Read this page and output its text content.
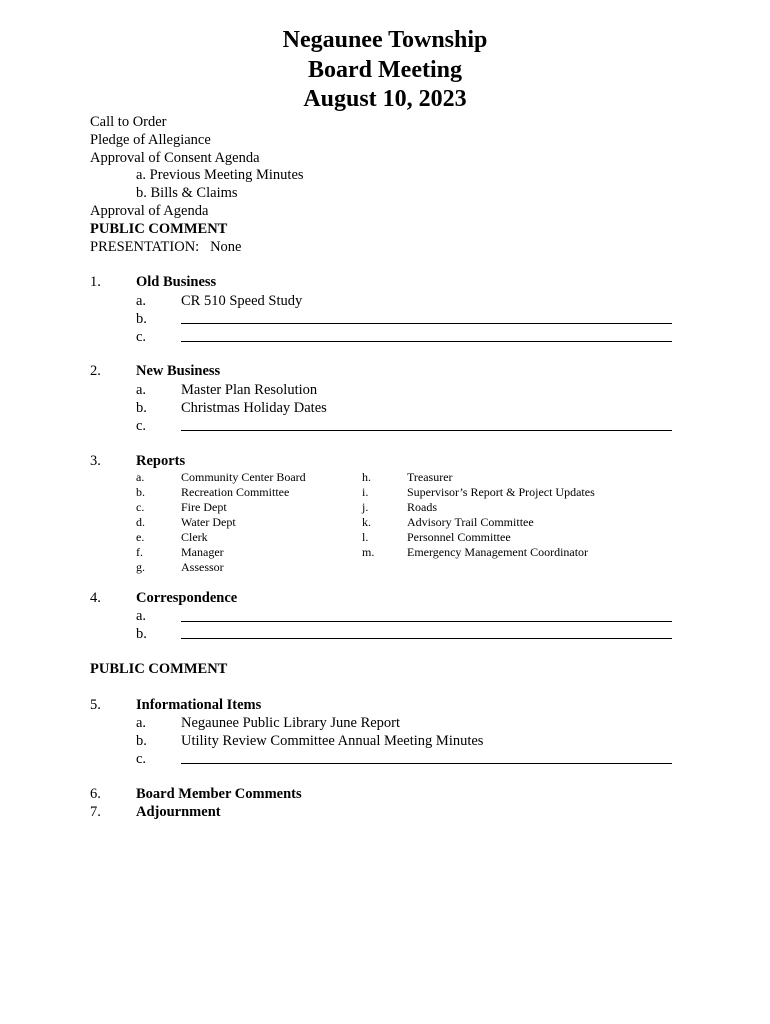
Negaunee Township
Board Meeting
August 10, 2023
Call to Order
Pledge of Allegiance
Approval of Consent Agenda
a. Previous Meeting Minutes
b. Bills & Claims
Approval of Agenda
PUBLIC COMMENT
PRESENTATION:   None
1. Old Business
a. CR 510 Speed Study
b.
c.
2. New Business
a. Master Plan Resolution
b. Christmas Holiday Dates
c.
3. Reports
a.	Community Center Board
b.	Recreation Committee
c.	Fire Dept
d.	Water Dept
e.	Clerk
f.	Manager
g.	Assessor
h.	Treasurer
i.	Supervisor’s Report & Project Updates
j.	Roads
k.	Advisory Trail Committee
l.	Personnel Committee
m.	Emergency Management Coordinator
4. Correspondence
a.
b.
PUBLIC COMMENT
5. Informational Items
a. Negaunee Public Library June Report
b. Utility Review Committee Annual Meeting Minutes
c.
6. Board Member Comments
7. Adjournment
